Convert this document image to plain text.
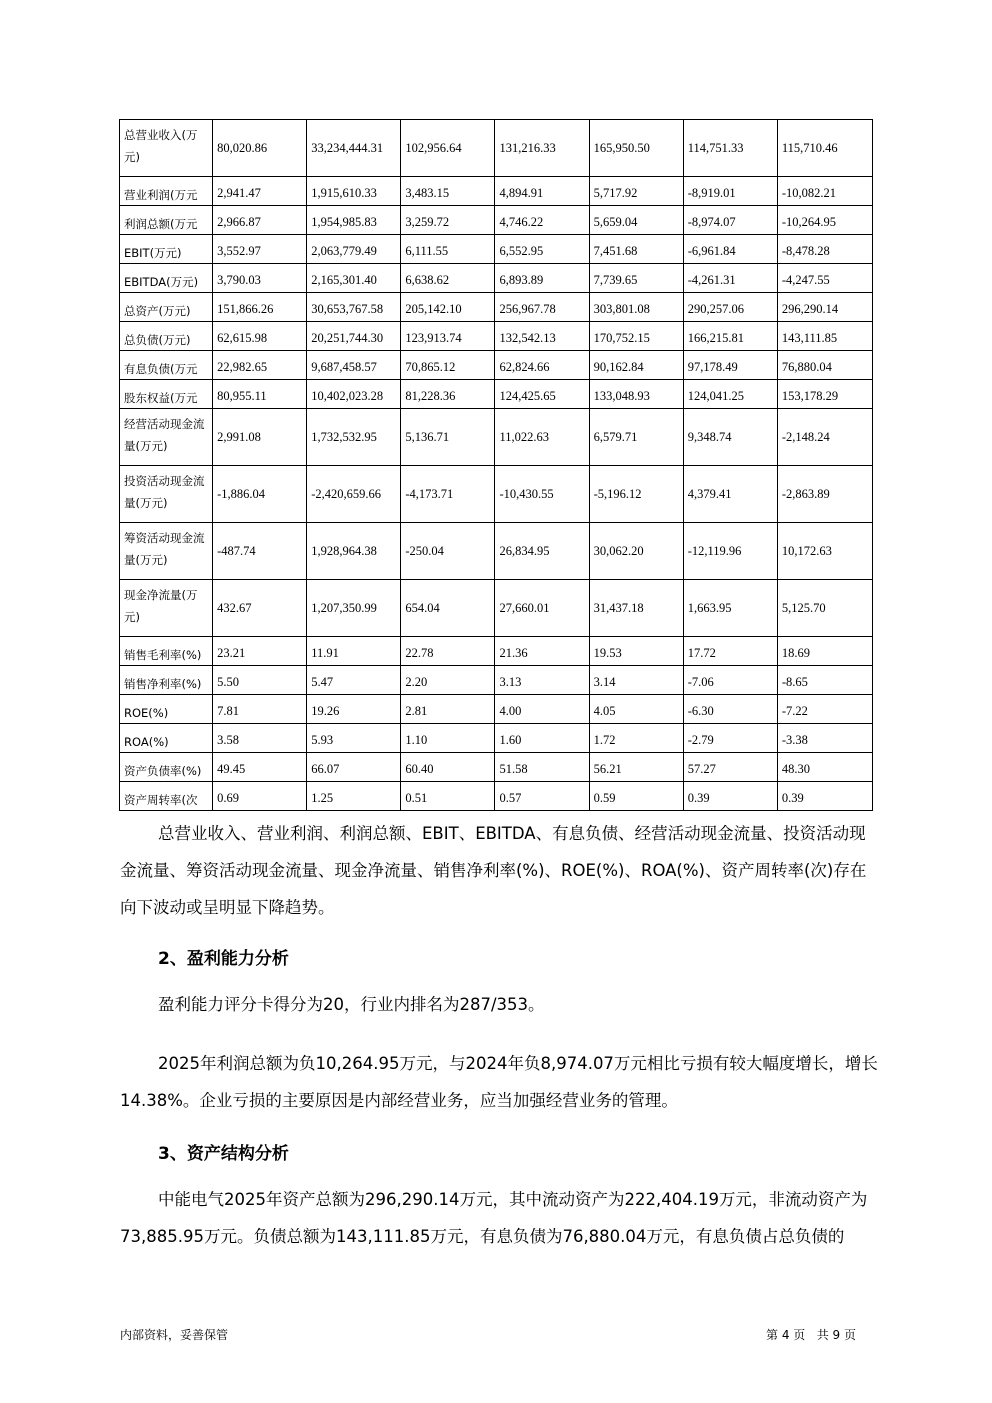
总营业收入(万元)	80,020.86	33,234,444.31	102,956.64	131,216.33	165,950.50	114,751.33	115,710.46
营业利润(万元	2,941.47	1,915,610.33	3,483.15	4,894.91	5,717.92	-8,919.01	-10,082.21
利润总额(万元	2,966.87	1,954,985.83	3,259.72	4,746.22	5,659.04	-8,974.07	-10,264.95
EBIT(万元)	3,552.97	2,063,779.49	6,111.55	6,552.95	7,451.68	-6,961.84	-8,478.28
EBITDA(万元)	3,790.03	2,165,301.40	6,638.62	6,893.89	7,739.65	-4,261.31	-4,247.55
总资产(万元)	151,866.26	30,653,767.58	205,142.10	256,967.78	303,801.08	290,257.06	296,290.14
总负债(万元)	62,615.98	20,251,744.30	123,913.74	132,542.13	170,752.15	166,215.81	143,111.85
有息负债(万元	22,982.65	9,687,458.57	70,865.12	62,824.66	90,162.84	97,178.49	76,880.04
股东权益(万元	80,955.11	10,402,023.28	81,228.36	124,425.65	133,048.93	124,041.25	153,178.29
经营活动现金流量(万元)	2,991.08	1,732,532.95	5,136.71	11,022.63	6,579.71	9,348.74	-2,148.24
投资活动现金流量(万元)	-1,886.04	-2,420,659.66	-4,173.71	-10,430.55	-5,196.12	4,379.41	-2,863.89
筹资活动现金流量(万元)	-487.74	1,928,964.38	-250.04	26,834.95	30,062.20	-12,119.96	10,172.63
现金净流量(万元)	432.67	1,207,350.99	654.04	27,660.01	31,437.18	1,663.95	5,125.70
销售毛利率(%)	23.21	11.91	22.78	21.36	19.53	17.72	18.69
销售净利率(%)	5.50	5.47	2.20	3.13	3.14	-7.06	-8.65
ROE(%)	7.81	19.26	2.81	4.00	4.05	-6.30	-7.22
ROA(%)	3.58	5.93	1.10	1.60	1.72	-2.79	-3.38
资产负债率(%)	49.45	66.07	60.40	51.58	56.21	57.27	48.30
资产周转率(次	0.69	1.25	0.51	0.57	0.59	0.39	0.39

总营业收入、营业利润、利润总额、EBIT、EBITDA、有息负债、经营活动现金流量、投资活动现金流量、筹资活动现金流量、现金净流量、销售净利率(%)、ROE(%)、ROA(%)、资产周转率(次)存在向下波动或呈明显下降趋势。

2、盈利能力分析

盈利能力评分卡得分为20，行业内排名为287/353。

2025年利润总额为负10,264.95万元，与2024年负8,974.07万元相比亏损有较大幅度增长，增长14.38%。企业亏损的主要原因是内部经营业务，应当加强经营业务的管理。

3、资产结构分析

中能电气2025年资产总额为296,290.14万元，其中流动资产为222,404.19万元，非流动资产为73,885.95万元。负债总额为143,111.85万元，有息负债为76,880.04万元，有息负债占总负债的

内部资料，妥善保管	第 4 页   共 9 页
